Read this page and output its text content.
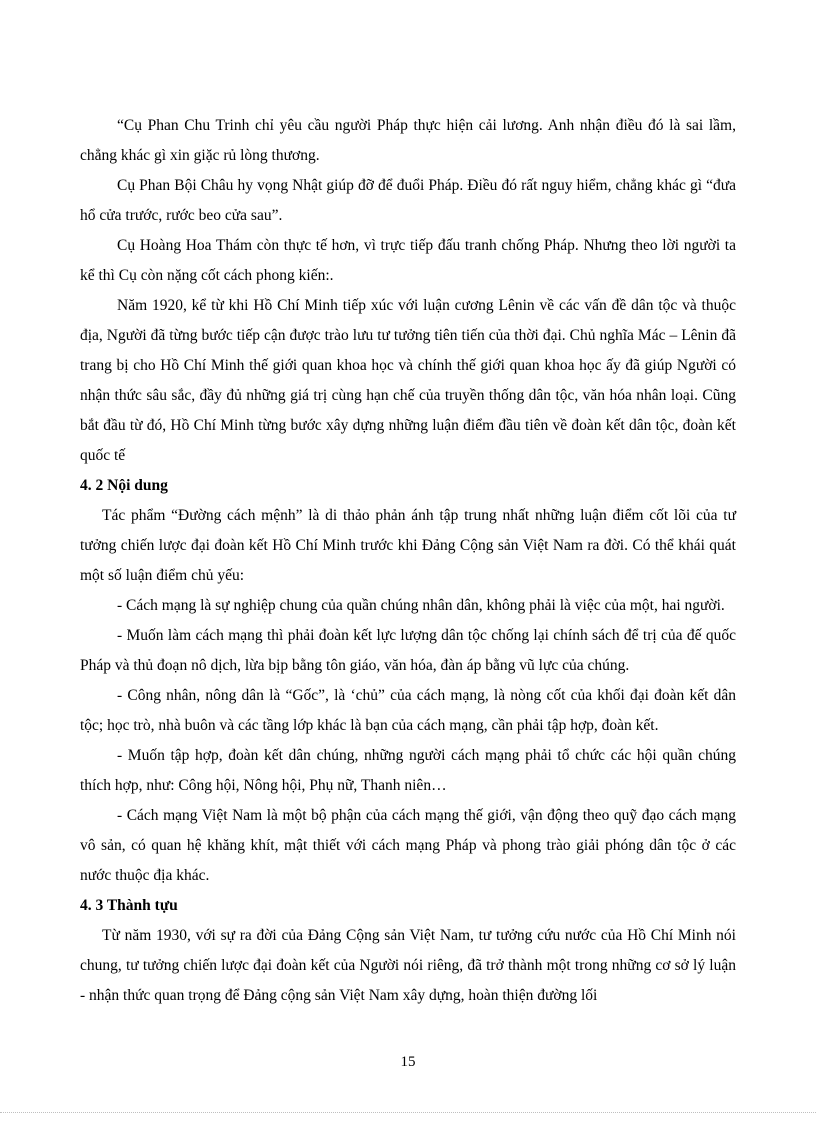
“Cụ Phan Chu Trinh chỉ yêu cầu người Pháp thực hiện cải lương. Anh nhận điều đó là sai lầm, chẳng khác gì xin giặc rủ lòng thương.

Cụ Phan Bội Châu hy vọng Nhật giúp đỡ để đuổi Pháp. Điều đó rất nguy hiểm, chẳng khác gì “đưa hổ cửa trước, rước beo cửa sau”.

Cụ Hoàng Hoa Thám còn thực tế hơn, vì trực tiếp đấu tranh chống Pháp. Nhưng theo lời người ta kể thì Cụ còn nặng cốt cách phong kiến:.

Năm 1920, kể từ khi Hồ Chí Minh tiếp xúc với luận cương Lênin về các vấn đề dân tộc và thuộc địa, Người đã từng bước tiếp cận được trào lưu tư tưởng tiên tiến của thời đại. Chủ nghĩa Mác – Lênin đã trang bị cho Hồ Chí Minh thế giới quan khoa học và chính thế giới quan khoa học ấy đã giúp Người có nhận thức sâu sắc, đầy đủ những giá trị cùng hạn chế của truyền thống dân tộc, văn hóa nhân loại. Cũng bắt đầu từ đó, Hồ Chí Minh từng bước xây dựng những luận điểm đầu tiên về đoàn kết dân tộc, đoàn kết quốc tế

4. 2 Nội dung

Tác phẩm “Đường cách mệnh” là di thảo phản ánh tập trung nhất những luận điểm cốt lõi của tư tưởng chiến lược đại đoàn kết Hồ Chí Minh trước khi Đảng Cộng sản Việt Nam ra đời. Có thể khái quát một số luận điểm chủ yếu:

- Cách mạng là sự nghiệp chung của quần chúng nhân dân, không phải là việc của một, hai người.

- Muốn làm cách mạng thì phải đoàn kết lực lượng dân tộc chống lại chính sách để trị của đế quốc Pháp và thủ đoạn nô dịch, lừa bịp bằng tôn giáo, văn hóa, đàn áp bằng vũ lực của chúng.

- Công nhân, nông dân là “Gốc”, là ‘chủ” của cách mạng, là nòng cốt của khối đại đoàn kết dân tộc; học trò, nhà buôn và các tầng lớp khác là bạn của cách mạng, cần phải tập hợp, đoàn kết.

- Muốn tập hợp, đoàn kết dân chúng, những người cách mạng phải tổ chức các hội quần chúng thích hợp, như: Công hội, Nông hội, Phụ nữ, Thanh niên…

- Cách mạng Việt Nam là một bộ phận của cách mạng thế giới, vận động theo quỹ đạo cách mạng vô sản, có quan hệ khăng khít, mật thiết với cách mạng Pháp và phong trào giải phóng dân tộc ở các nước thuộc địa khác.

4. 3 Thành tựu

Từ năm 1930, với sự ra đời của Đảng Cộng sản Việt Nam, tư tưởng cứu nước của Hồ Chí Minh nói chung, tư tưởng chiến lược đại đoàn kết của Người nói riêng, đã trở thành một trong những cơ sở lý luận - nhận thức quan trọng để Đảng cộng sản Việt Nam xây dựng, hoàn thiện đường lối

15
